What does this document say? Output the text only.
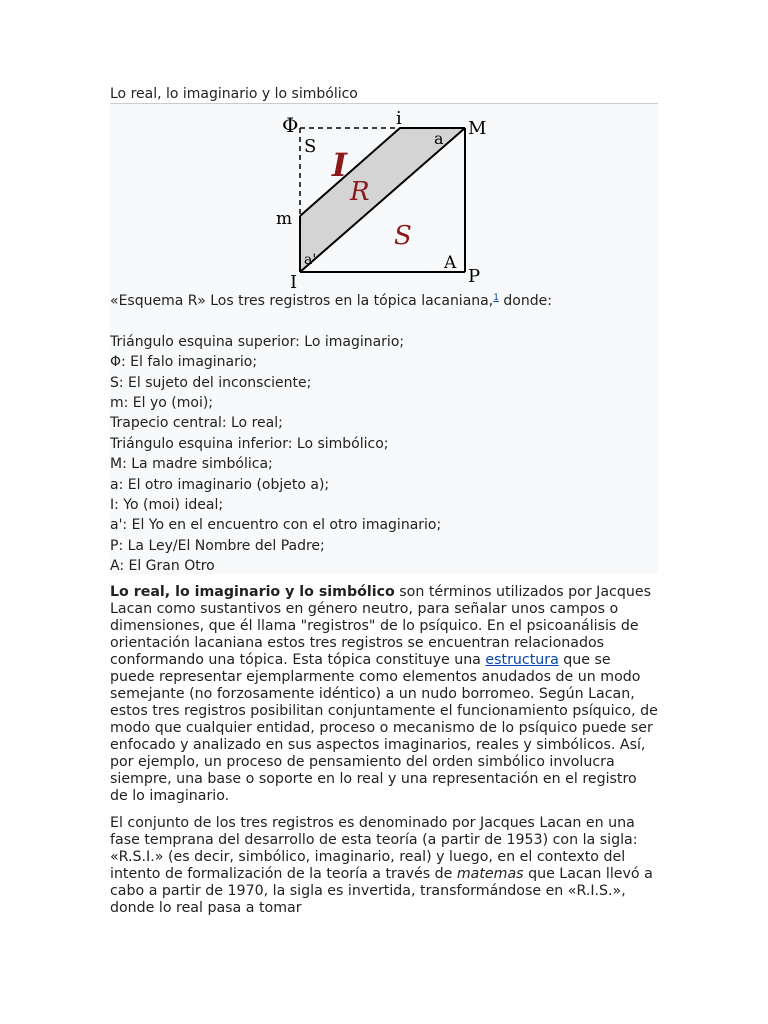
Lo real, lo imaginario y lo simbólico
Φ
S
i	M
a
I
R
S
m
a'
I
A
P

«Esquema R» Los tres registros en la tópica lacaniana,$^1$ donde:

Triángulo esquina superior: Lo imaginario;
Φ: El falo imaginario;
S: El sujeto del inconsciente;
m: El yo (moi);
Trapecio central: Lo real;
Triángulo esquina inferior: Lo simbólico;
M: La madre simbólica;
a: El otro imaginario (objeto a);
I: Yo (moi) ideal;
a': El Yo en el encuentro con el otro imaginario;
P: La Ley/El Nombre del Padre;
A: El Gran Otro

Lo real, lo imaginario y lo simbólico son términos utilizados por Jacques Lacan como sustantivos en género neutro, para señalar unos campos o dimensiones, que él llama "registros" de lo psíquico. En el psicoanálisis de orientación lacaniana estos tres registros se encuentran relacionados conformando una tópica. Esta tópica constituye una estructura que se puede representar ejemplarmente como elementos anudados de un modo semejante (no forzosamente idéntico) a un nudo borromeo. Según Lacan, estos tres registros posibilitan conjuntamente el funcionamiento psíquico, de modo que cualquier entidad, proceso o mecanismo de lo psíquico puede ser enfocado y analizado en sus aspectos imaginarios, reales y simbólicos. Así, por ejemplo, un proceso de pensamiento del orden simbólico involucra siempre, una base o soporte en lo real y una representación en el registro de lo imaginario.

El conjunto de los tres registros es denominado por Jacques Lacan en una fase temprana del desarrollo de esta teoría (a partir de 1953) con la sigla: «R.S.I.» (es decir, simbólico, imaginario, real) y luego, en el contexto del intento de formalización de la teoría a través de matemas que Lacan llevó a cabo a partir de 1970, la sigla es invertida, transformándose en «R.I.S.», donde lo real pasa a tomar
